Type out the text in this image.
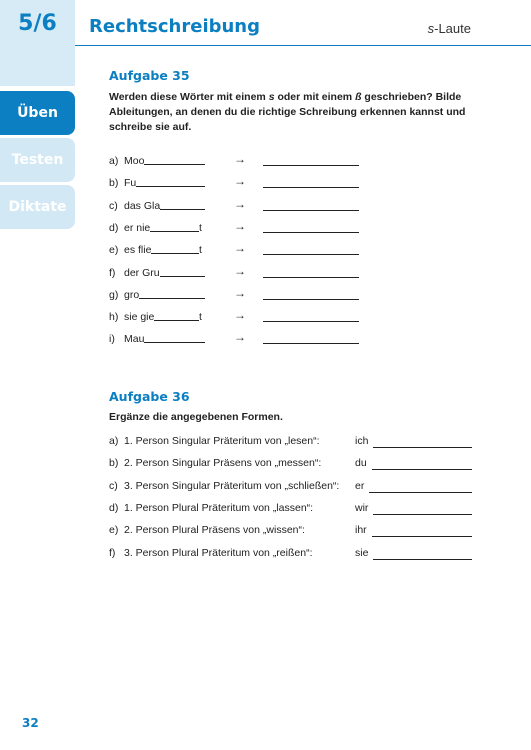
5/6	Rechtschreibung	s-Laute
Üben
Testen
Diktate
Aufgabe 35
Werden diese Wörter mit einem s oder mit einem ß geschrieben? Bilde Ableitungen, an denen du die richtige Schreibung erkennen kannst und schreibe sie auf.
a) Moo	→
b) Fu	→
c) das Gla	→
d) er nie	t	→
e) es flie	t	→
f) der Gru	→
g) gro	→
h) sie gie	t	→
i) Mau	→
Aufgabe 36
Ergänze die angegebenen Formen.
a) 1. Person Singular Präteritum von „lesen“:	ich
b) 2. Person Singular Präsens von „messen“:	du
c) 3. Person Singular Präteritum von „schließen“: er
d) 1. Person Plural Präteritum von „lassen“:	wir
e) 2. Person Plural Präsens von „wissen“:	ihr
f) 3. Person Plural Präteritum von „reißen“:	sie
32
